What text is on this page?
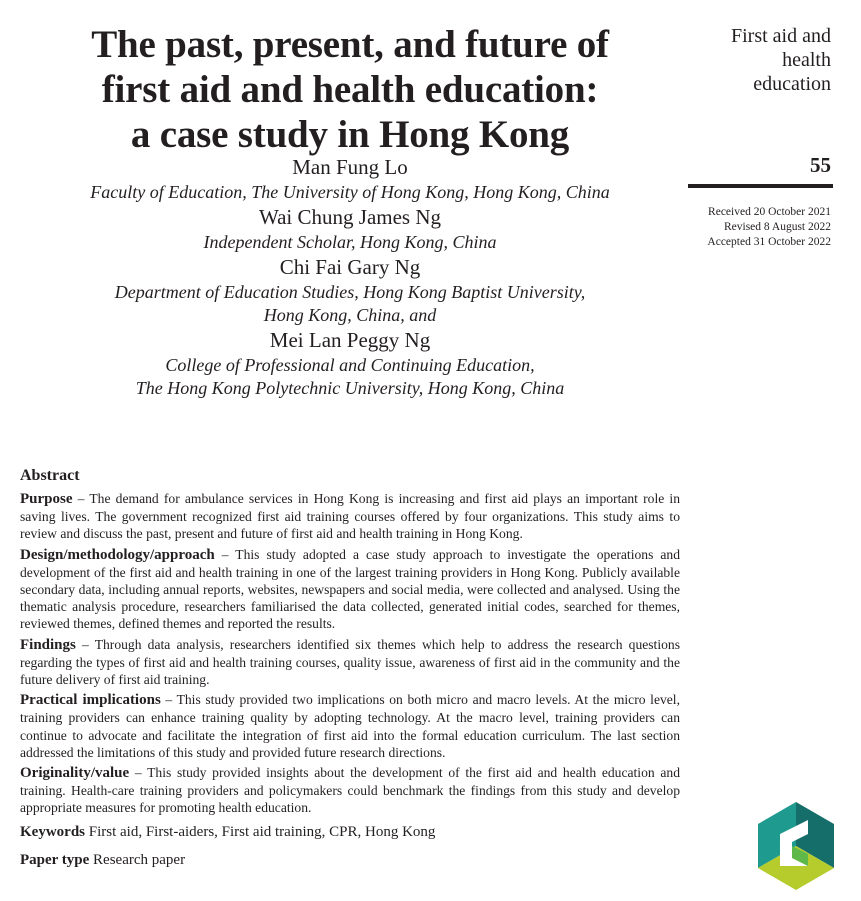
The past, present, and future of
first aid and health education:
a case study in Hong Kong
Man Fung Lo
Faculty of Education, The University of Hong Kong, Hong Kong, China
Wai Chung James Ng
Independent Scholar, Hong Kong, China
Chi Fai Gary Ng
Department of Education Studies, Hong Kong Baptist University,
Hong Kong, China, and
Mei Lan Peggy Ng
College of Professional and Continuing Education,
The Hong Kong Polytechnic University, Hong Kong, China
First aid and
health
education
55
Received 20 October 2021
Revised 8 August 2022
Accepted 31 October 2022
Abstract
Purpose – The demand for ambulance services in Hong Kong is increasing and first aid plays an important role in saving lives. The government recognized first aid training courses offered by four organizations. This study aims to review and discuss the past, present and future of first aid and health training in Hong Kong.
Design/methodology/approach – This study adopted a case study approach to investigate the operations and development of the first aid and health training in one of the largest training providers in Hong Kong. Publicly available secondary data, including annual reports, websites, newspapers and social media, were collected and analysed. Using the thematic analysis procedure, researchers familiarised the data collected, generated initial codes, searched for themes, reviewed themes, defined themes and reported the results.
Findings – Through data analysis, researchers identified six themes which help to address the research questions regarding the types of first aid and health training courses, quality issue, awareness of first aid in the community and the future delivery of first aid training.
Practical implications – This study provided two implications on both micro and macro levels. At the micro level, training providers can enhance training quality by adopting technology. At the macro level, training providers can continue to advocate and facilitate the integration of first aid into the formal education curriculum. The last section addressed the limitations of this study and provided future research directions.
Originality/value – This study provided insights about the development of the first aid and health education and training. Health-care training providers and policymakers could benchmark the findings from this study and develop appropriate measures for promoting health education.
Keywords First aid, First-aiders, First aid training, CPR, Hong Kong
Paper type Research paper
